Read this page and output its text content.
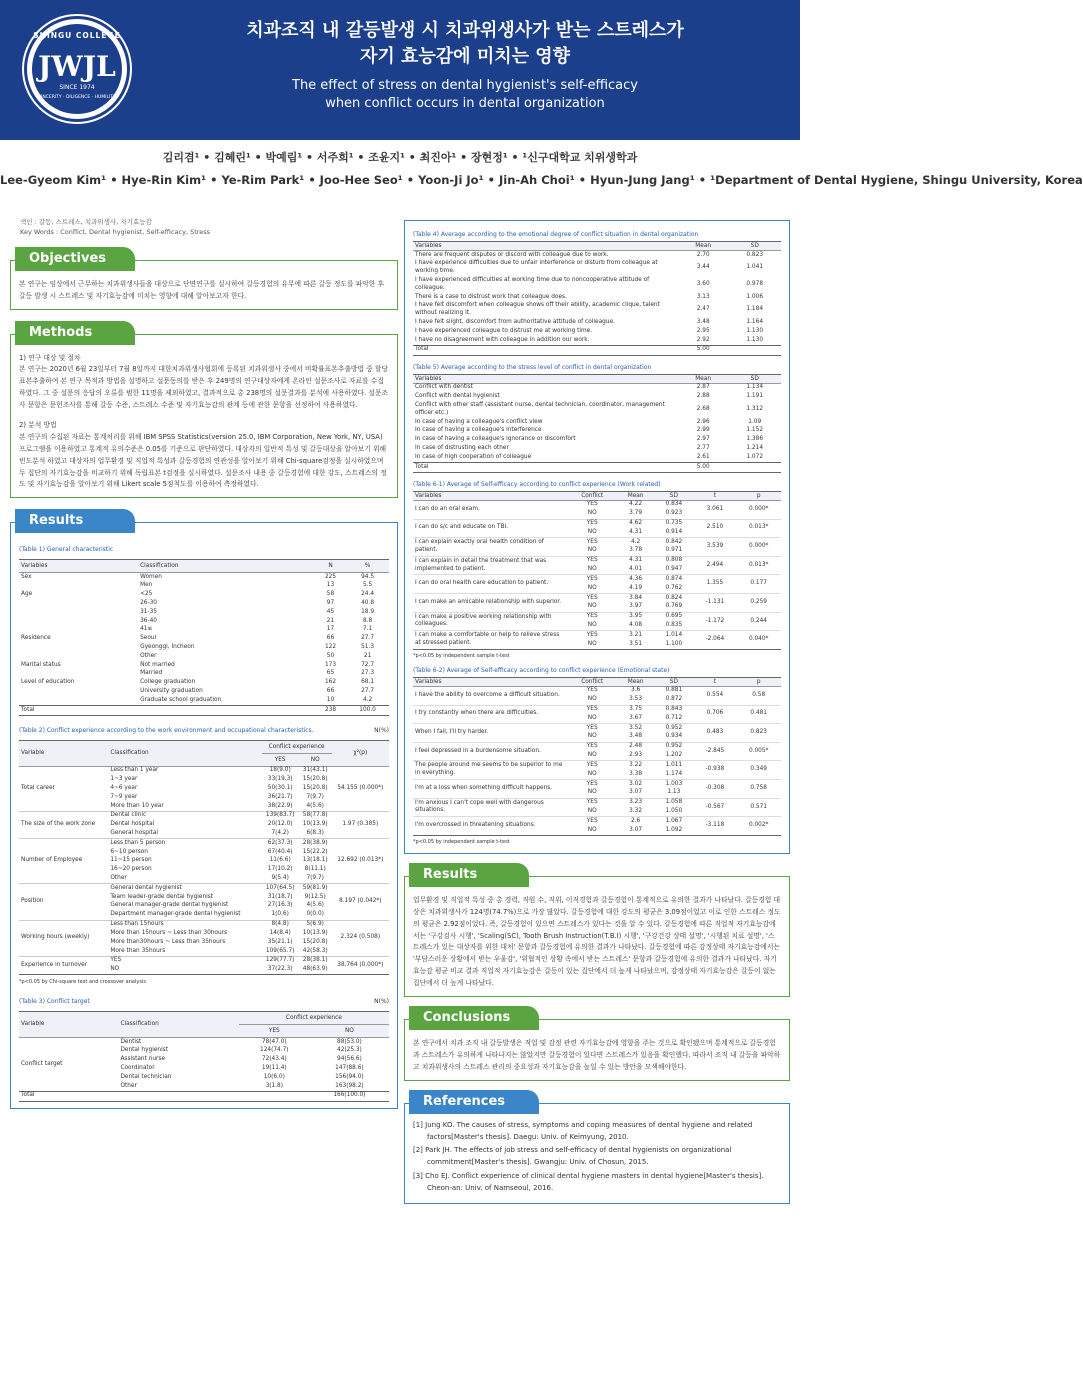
SHINGU COLLEGE
JWJL
SINCE 1974
SINCERITY · DILIGENCE · HUMILITY
치과조직 내 갈등발생 시 치과위생사가 받는 스트레스가
자기 효능감에 미치는 영향
The effect of stress on dental hygienist's self-efficacy
when conflict occurs in dental organization
김리겸¹ • 김혜린¹ • 박예림¹ • 서주희¹ • 조윤지¹ • 최진아¹ • 장현정¹ • ¹신구대학교 치위생학과
Lee-Gyeom Kim¹ • Hye-Rin Kim¹ • Ye-Rim Park¹ • Joo-Hee Seo¹ • Yoon-Ji Jo¹ • Jin-Ah Choi¹ • Hyun-Jung Jang¹ • ¹Department of Dental Hygiene, Shingu University, Korea
색인 : 갈등, 스트레스, 치과위생사, 자기효능감
Key Words : Conflict, Dental hygienist, Self-efficacy, Stress
Objectives
본 연구는 임상에서 근무하는 치과위생사들을 대상으로 단면연구를 실시하여 갈등경험의 유무에 따른 갈등 정도를 파악한 후 갈등 발생 시 스트레스 및 자기효능감에 미치는 영향에 대해 알아보고자 한다.
Methods
1) 연구 대상 및 절차
본 연구는 2020년 6월 23일부터 7월 8일까지 대한치과위생사협회에 등록된 치과위생사 중에서 비확률표본추출방법 중 할당표본추출하여 본 연구 목적과 방법을 설명하고 설문동의를 받은 후 249명의 연구대상자에게 온라인 설문조사로 자료를 수집하였다. 그 중 설문의 응답의 오류를 범한 11명을 제외하였고, 결과적으로 총 238명의 설문결과를 분석에 사용하였다. 설문조사 문항은 문헌조사를 통해 갈등 수준, 스트레스 수준 및 자기효능감의 관계 등에 관한 문항을 선정하여 사용하였다.
2) 분석 방법
본 연구의 수집된 자료는 통계처리를 위해 IBM SPSS Statistics(version 25.0, IBM Corporation, New York, NY, USA)프로그램을 이용하였고 통계적 유의수준은 0.05를 기준으로 판단하였다. 대상자의 일반적 특성 및 갈등대상을 알아보기 위해 빈도분석 하였고 대상자의 업무환경 및 직업적 특성과 갈등경험의 연관성을 알아보기 위해 Chi-square검정을 실시하였으며 두 집단의 자기효능감을 비교하기 위해 독립표본 t검정을 실시하였다. 설문조사 내용 중 갈등경험에 대한 강도, 스트레스의 정도 및 자기효능감을 알아보기 위해 Likert scale 5점척도를 이용하여 측정하였다.
Results
(Table 1) General characteristic
Variables	Classification	N	%
Sex	Women	225	94.5
	Men	13	5.5
Age	<25	58	24.4
	26-30	97	40.8
	31-35	45	18.9
	36-40	21	8.8
	41≤	17	7.1
Residence	Seoul	66	27.7
	Gyeonggi, Incheon	122	51.3
	Other	50	21
Marital status	Not married	173	72.7
	Married	65	27.3
Level of education	College graduation	162	68.1
	University graduation	66	27.7
	Graduate school graduation	10	4.2
Total		238	100.0
N(%)
(Table 2) Conflict experience according to the work environment and occupational characteristics.
Variable	Classification	Conflict experience		χ²(p)
		YES	NO	
Total career	Less than 1 year	18(9.0)	31(43.1)	54.155 (0.000*)
	1~3 year	33(19.3)	15(20.8)	
	4~6 year	50(30.1)	15(20.8)	
	7~9 year	36(21.7)	7(9.7)	
	More than 10 year	38(22.9)	4(5.6)	
The size of the work zone	Dental clinic	139(83.7)	58(77.8)	1.97 (0.385)
	Dental hospital	20(12.0)	10(13.9)	
	General hospital	7(4.2)	6(8.3)	
Number of Employee	Less than 5 person	62(37.3)	28(38.9)	12.692 (0.013*)
	6~10 person	67(40.4)	15(22.2)	
	11~15 person	11(6.6)	13(18.1)	
	16~20 person	17(10.2)	8(11.1)	
	Other	9(5.4)	7(9.7)	
Position	General dental hygienist	107(64.5)	59(81.9)	8.197 (0.042*)
	Team leader-grade dental hygienist	31(18.7)	9(12.5)	
	General manager-grade dental hygienist	27(16.3)	4(5.6)	
	Department manager-grade dental hygienist	1(0.6)	0(0.0)	
Working hours (weekly)	Less than 15hours	8(4.8)	5(6.9)	2.324 (0.508)
	More than 15hours ~ Less than 30hours	14(8.4)	10(13.9)	
	More than30hours ~ Less than 35hours	35(21.1)	15(20.8)	
	More than 35hours	109(65.7)	42(58.3)	
Experience in turnover	YES	129(77.7)	28(38.1)	38.764 (0.000*)
	NO	37(22.3)	48(63.9)	
*p<0.05 by Chi-square test and crossover analysis
N(%)
(Table 3) Conflict target
Variable	Classification	Conflict experience	
		YES	NO
Conflict target	Dentist	78(47.0)	88(53.0)
	Dental hygienist	124(74.7)	42(25.3)
	Assistant nurse	72(43.4)	94(56.6)
	Coordinator	19(11.4)	147(88.6)
	Dental technician	10(6.0)	156(94.0)
	Other	3(1.8)	163(98.2)
Total			166(100.0)
(Table 4) Average according to the emotional degree of conflict situation in dental organization
Variables	Mean	SD
There are frequent disputes or discord with colleague due to work.	2.70	0.823
I have experience difficulties due to unfair interference or disturb from colleague at working time.	3.44	1.041
I have experienced difficulties at working time due to noncooperative attitude of colleague.	3.60	0.978
There is a case to distrust work that colleague does.	3.13	1.006
I have felt discomfort when colleague shows off their ability, academic clique, talent without realizing it.	2.47	1.184
I have felt slight, discomfort from authoritative attitude of colleague.	3.48	1.164
I have experienced colleague to distrust me at working time.	2.95	1.130
I have no disagreement with colleague in addition our work.	2.92	1.130
Total	5.00	
(Table 5) Average according to the stress level of conflict in dental organization
Variables	Mean	SD
Conflict with dentist	2.87	1.134
Conflict with dental hygienist	2.88	1.191
Conflict with other staff (assistant nurse, dental technician, coordinator, management officer etc.)	2.68	1.312
In case of having a colleague's conflict view	2.96	1.09
In case of having a colleague's interference	2.99	1.152
In case of having a colleague's ignorance or discomfort	2.97	1.386
In case of distrusting each other	2.77	1.214
In case of high cooperation of colleague	2.61	1.072
Total	5.00	
(Table 6-1) Average of Self-efficacy according to conflict experience (Work related)
Variables	Conflict	Mean	SD	t	p
I can do an oral exam.	YES	4.22	0.834	3.061	0.000*
	NO	3.79	0.923		
I can do s/c and educate on TBI.	YES	4.62	0.735	2.510	0.013*
	NO	4.31	0.914		
I can explain exactly oral health condition of patient.	YES	4.2	0.842	3.539	0.000*
	NO	3.78	0.971		
I can explain in detail the treatment that was implemented to patient.	YES	4.31	0.808	2.494	0.013*
	NO	4.01	0.947		
I can do oral health care education to patient.	YES	4.36	0.874	1.355	0.177
	NO	4.19	0.762		
I can make an amicable relationship with superior.	YES	3.84	0.824	-1.131	0.259
	NO	3.97	0.769		
I can make a positive working relationship with colleagues.	YES	3.95	0.695	-1.172	0.244
	NO	4.08	0.835		
I can make a comfortable or help to relieve stress at stressed patient.	YES	3.21	1.014	-2.064	0.040*
	NO	3.51	1.100		
*p<0.05 by independent sample t-test
(Table 6-2) Average of Self-efficacy according to conflict experience (Emotional state)
Variables	Conflict	Mean	SD	t	p
I have the ability to overcome a difficult situation.	YES	3.6	0.881	0.554	0.58
	NO	3.53	0.872		
I try constantly when there are difficulties.	YES	3.75	0.843	0.706	0.481
	NO	3.67	0.712		
When I fail, I'll try harder.	YES	3.52	0.952	0.483	0.823
	NO	3.48	0.934		
I feel depressed in a burdensome situation.	YES	2.48	0.952	-2.845	0.005*
	NO	2.93	1.202		
The people around me seems to be superior to me in everything.	YES	3.22	1.011	-0.938	0.349
	NO	3.38	1.174		
I'm at a loss when something difficult happens.	YES	3.02	1.003	-0.308	0.758
	NO	3.07	1.13		
I'm anxious I can't cope well with dangerous situations.	YES	3.23	1.058	-0.567	0.571
	NO	3.32	1.050		
I'm overcrossed in threatening situations.	YES	2.6	1.067	-3.118	0.002*
	NO	3.07	1.092		
*p<0.05 by independent sample t-test
Results
업무환경 및 직업적 특성 중 총 경력, 직원 수, 직위, 이직경험과 갈등경험이 통계적으로 유의한 결과가 나타났다. 갈등경험 대상은 치과위생사가 124명(74.7%)으로 가장 많았다. 갈등경험에 대한 강도의 평균은 3.09점이었고 이로 인한 스트레스 정도의 평균은 2.92점이었다. 즉, 갈등경험이 있으면 스트레스가 있다는 것을 알 수 있다. 갈등경험에 따른 직업적 자기효능감에서는 '구강검사 시행', 'Scaling(SC), Tooth Brush Instruction(T.B.I) 시행', '구강건강 상태 설명', '시행된 치료 설명', '스트레스가 있는 대상자를 위한 대처' 문항과 갈등경험에 유의한 결과가 나타났다. 갈등경험에 따른 감정상태 자기효능감에서는 '부담스러운 상황에서 받는 우울감', '위협적인 상황 속에서 받는 스트레스' 문항과 갈등경험에 유의한 결과가 나타났다. 자기효능감 평균 비교 결과 직업적 자기효능감은 갈등이 있는 집단에서 더 높게 나타났으며, 감정상태 자기효능감은 갈등이 없는 집단에서 더 높게 나타났다.
Conclusions
본 연구에서 치과 조직 내 갈등발생은 직업 및 감정 관련 자기효능감에 영향을 주는 것으로 확인됐으며 통계적으로 갈등경험과 스트레스가 유의하게 나타나지는 않았지만 갈등경험이 있다면 스트레스가 있음을 확인했다. 따라서 조직 내 갈등을 파악하고 치과위생사의 스트레스 관리의 중요성과 자기효능감을 높일 수 있는 방안을 모색해야한다.
References
[1] Jung KO. The causes of stress, symptoms and coping measures of dental hygiene and related factors[Master's thesis]. Daegu: Univ. of Keimyung, 2010.
[2] Park JH. The effects of job stress and self-efficacy of dental hygienists on organizational commitment[Master's thesis]. Gwangju: Univ. of Chosun, 2015.
[3] Cho EJ. Conflict experience of clinical dental hygiene masters in dental hygiene[Master's thesis]. Cheon-an: Univ. of Namseoul, 2016.
